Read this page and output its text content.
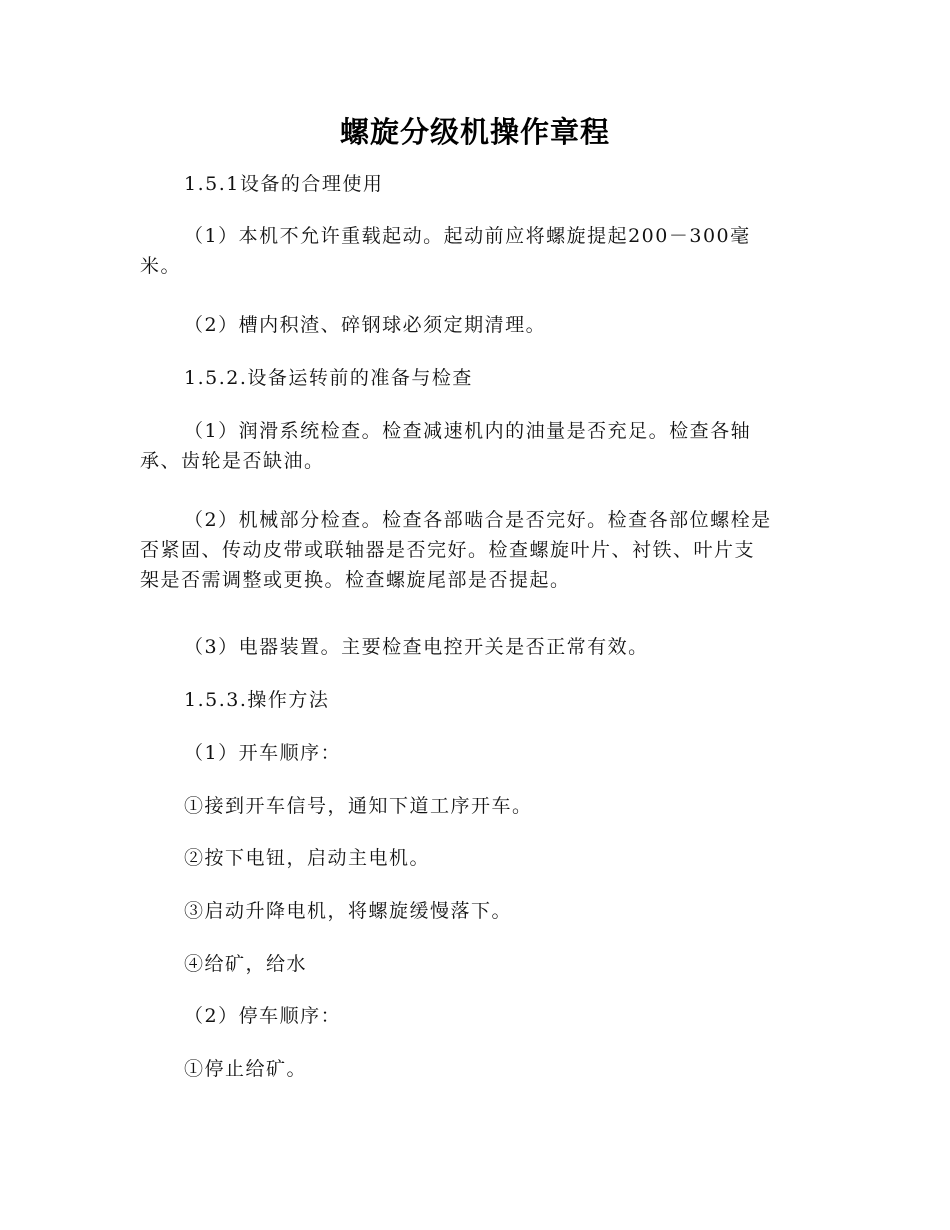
螺旋分级机操作章程
1.5.1设备的合理使用
（1）本机不允许重载起动。起动前应将螺旋提起200－300毫
米。
（2）槽内积渣、碎钢球必须定期清理。
1.5.2.设备运转前的准备与检查
（1）润滑系统检查。检查减速机内的油量是否充足。检查各轴
承、齿轮是否缺油。
（2）机械部分检查。检查各部啮合是否完好。检查各部位螺栓是
否紧固、传动皮带或联轴器是否完好。检查螺旋叶片、衬铁、叶片支
架是否需调整或更换。检查螺旋尾部是否提起。
（3）电器装置。主要检查电控开关是否正常有效。
1.5.3.操作方法
（1）开车顺序：
①接到开车信号，通知下道工序开车。
②按下电钮，启动主电机。
③启动升降电机，将螺旋缓慢落下。
④给矿，给水
（2）停车顺序：
①停止给矿。
